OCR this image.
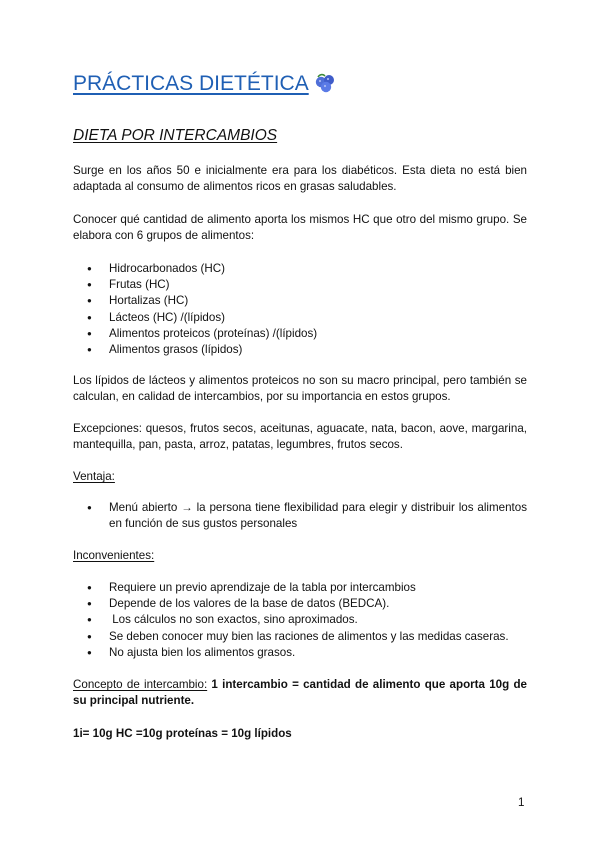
PRÁCTICAS DIETÉTICA
DIETA POR INTERCAMBIOS

Surge en los años 50 e inicialmente era para los diabéticos. Esta dieta no está bien adaptada al consumo de alimentos ricos en grasas saludables.

Conocer qué cantidad de alimento aporta los mismos HC que otro del mismo grupo. Se elabora con 6 grupos de alimentos:

● Hidrocarbonados (HC)
● Frutas (HC)
● Hortalizas (HC)
● Lácteos (HC) /(lípidos)
● Alimentos proteicos (proteínas) /(lípidos)
● Alimentos grasos (lípidos)

Los lípidos de lácteos y alimentos proteicos no son su macro principal, pero también se calculan, en calidad de intercambios, por su importancia en estos grupos.

Excepciones: quesos, frutos secos, aceitunas, aguacate, nata, bacon, aove, margarina, mantequilla, pan, pasta, arroz, patatas, legumbres, frutos secos.

Ventaja:

● Menú abierto → la persona tiene flexibilidad para elegir y distribuir los alimentos en función de sus gustos personales

Inconvenientes:

● Requiere un previo aprendizaje de la tabla por intercambios
● Depende de los valores de la base de datos (BEDCA).
●  Los cálculos no son exactos, sino aproximados.
● Se deben conocer muy bien las raciones de alimentos y las medidas caseras.
● No ajusta bien los alimentos grasos.

Concepto de intercambio: 1 intercambio = cantidad de alimento que aporta 10g de su principal nutriente.

1i= 10g HC =10g proteínas = 10g lípidos

1
